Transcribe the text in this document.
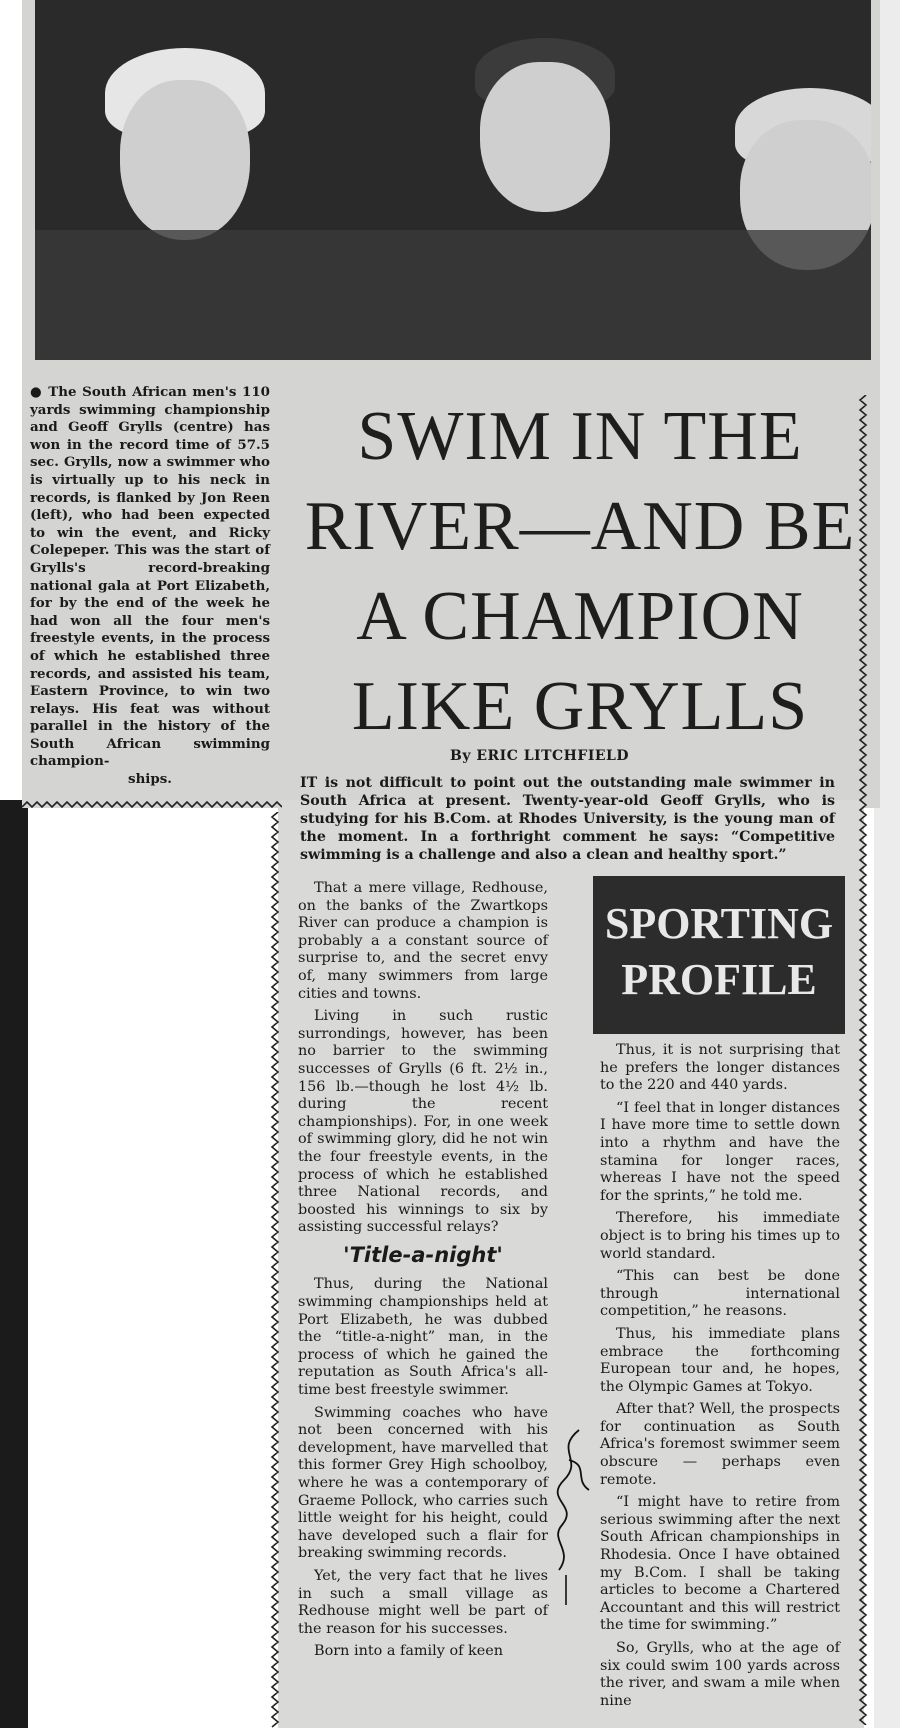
● The South African men's 110 yards swimming championship and Geoff Grylls (centre) has won in the record time of 57.5 sec. Grylls, now a swimmer who is virtually up to his neck in records, is flanked by Jon Reen (left), who had been expected to win the event, and Ricky Colepeper. This was the start of Grylls's record-breaking national gala at Port Elizabeth, for by the end of the week he had won all the four men's freestyle events, in the process of which he established three records, and assisted his team, Eastern Province, to win two relays. His feat was without parallel in the history of the South African swimming champion-
ships.
SWIM IN THE
RIVER—AND BE
A CHAMPION
LIKE GRYLLS
By ERIC LITCHFIELD
IT is not difficult to point out the outstanding male swimmer in South Africa at present. Twenty-year-old Geoff Grylls, who is studying for his B.Com. at Rhodes University, is the young man of the moment. In a forthright comment he says: “Competitive swimming is a challenge and also a clean and healthy sport.”
SPORTING
PROFILE

That a mere village, Redhouse, on the banks of the Zwartkops River can produce a champion is probably a a constant source of surprise to, and the secret envy of, many swimmers from large cities and towns.

Living in such rustic surrondings, however, has been no barrier to the swimming successes of Grylls (6 ft. 2½ in., 156 lb.—though he lost 4½ lb. during the recent championships). For, in one week of swimming glory, did he not win the four freestyle events, in the process of which he established three National records, and boosted his winnings to six by assisting successful relays?

'Title-a-night'

Thus, during the National swimming championships held at Port Elizabeth, he was dubbed the “title-a-night” man, in the process of which he gained the reputation as South Africa's all-time best freestyle swimmer.

Swimming coaches who have not been concerned with his development, have marvelled that this former Grey High schoolboy, where he was a contemporary of Graeme Pollock, who carries such little weight for his height, could have developed such a flair for breaking swimming records.

Yet, the very fact that he lives in such a small village as Redhouse might well be part of the reason for his successes.

Born into a family of keen

Thus, it is not surprising that he prefers the longer distances to the 220 and 440 yards.

“I feel that in longer distances I have more time to settle down into a rhythm and have the stamina for longer races, whereas I have not the speed for the sprints,” he told me.

Therefore, his immediate object is to bring his times up to world standard.

“This can best be done through international competition,” he reasons.

Thus, his immediate plans embrace the forthcoming European tour and, he hopes, the Olympic Games at Tokyo.

After that? Well, the prospects for continuation as South Africa's foremost swimmer seem obscure — perhaps even remote.

“I might have to retire from serious swimming after the next South African championships in Rhodesia. Once I have obtained my B.Com. I shall be taking articles to become a Chartered Accountant and this will restrict the time for swimming.”

So, Grylls, who at the age of six could swim 100 yards across the river, and swam a mile when nine
